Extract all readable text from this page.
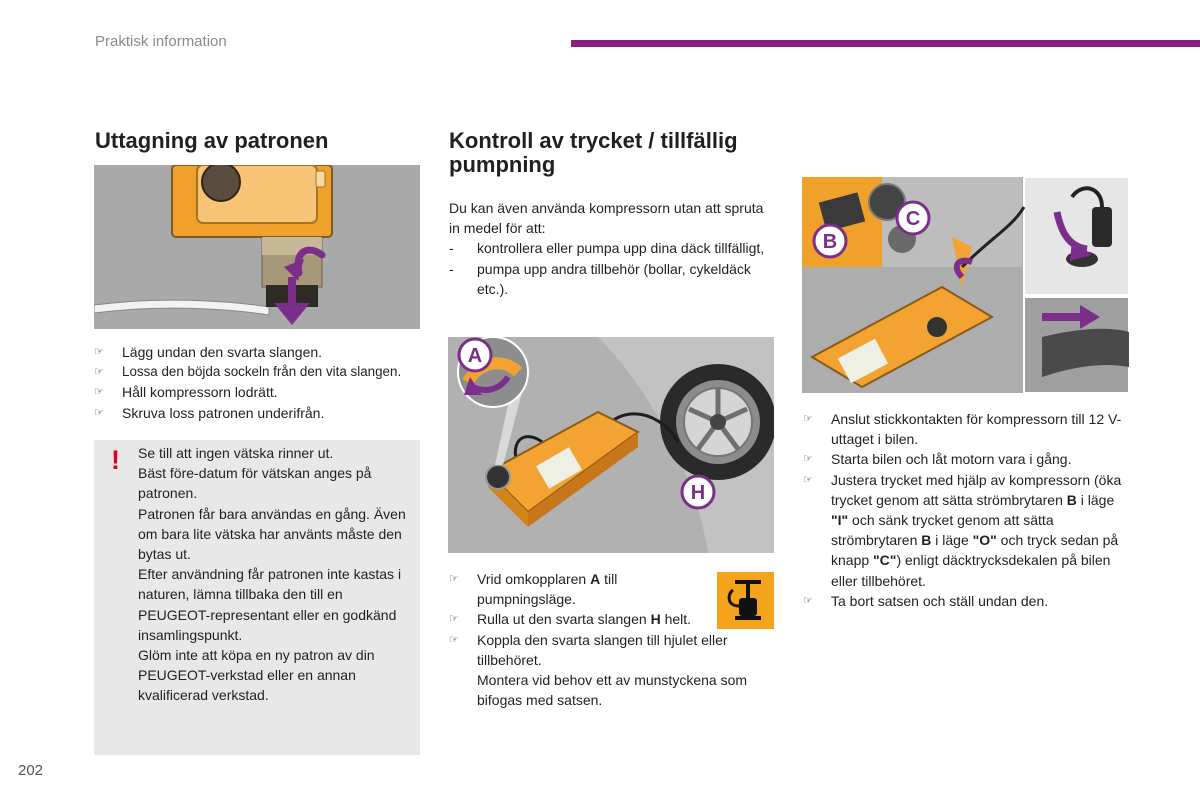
Praktisk information
Uttagning av patronen
☞ Lägg undan den svarta slangen.
☞ Lossa den böjda sockeln från den vita slangen.
☞ Håll kompressorn lodrätt.
☞ Skruva loss patronen underifrån.
! Se till att ingen vätska rinner ut.

Bäst före-datum för vätskan anges på patronen.

Patronen får bara användas en gång. Även om bara lite vätska har använts måste den bytas ut.

Efter användning får patronen inte kastas i naturen, lämna tillbaka den till en PEUGEOT-representant eller en godkänd insamlingspunkt.

Glöm inte att köpa en ny patron av din PEUGEOT-verkstad eller en annan kvalificerad verkstad.

202
Kontroll av trycket / tillfällig pumpning
Du kan även använda kompressorn utan att spruta in medel för att:
- kontrollera eller pumpa upp dina däck tillfälligt,
- pumpa upp andra tillbehör (bollar, cykeldäck etc.).
A
H
☞ Vrid omkopplaren A till pumpningsläge.
☞ Rulla ut den svarta slangen H helt.
☞ Koppla den svarta slangen till hjulet eller tillbehöret.
Montera vid behov ett av munstyckena som bifogas med satsen.
C
B
☞ Anslut stickkontakten för kompressorn till 12 V-uttaget i bilen.
☞ Starta bilen och låt motorn vara i gång.
☞ Justera trycket med hjälp av kompressorn (öka trycket genom att sätta strömbrytaren B i läge "I" och sänk trycket genom att sätta strömbrytaren B i läge "O" och tryck sedan på knapp "C") enligt däcktrycksdekalen på bilen eller tillbehöret.
☞ Ta bort satsen och ställ undan den.
